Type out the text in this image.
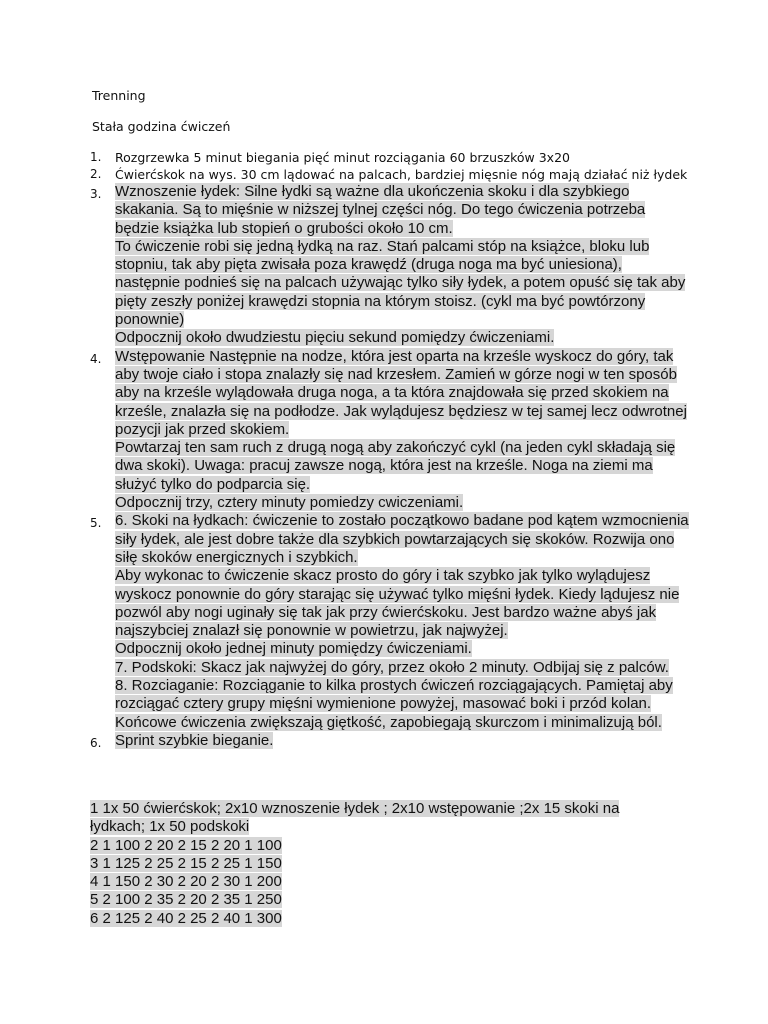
Trenning
Stała godzina ćwiczeń
1. Rozgrzewka 5 minut biegania pięć minut rozciągania 60 brzuszków 3x20
2. Ćwierćskok na wys. 30 cm lądować na palcach, bardziej mięsnie nóg mają działać niż łydek
3. Wznoszenie łydek: Silne łydki są ważne dla ukończenia skoku i dla szybkiego skakania. Są to mięśnie w niższej tylnej części nóg. Do tego ćwiczenia potrzeba będzie książka lub stopień o grubości około 10 cm.
To ćwiczenie robi się jedną łydką na raz. Stań palcami stóp na książce, bloku lub stopniu, tak aby pięta zwisała poza krawędź (druga noga ma być uniesiona), następnie podnieś się na palcach używając tylko siły łydek, a potem opuść się tak aby pięty zeszły poniżej krawędzi stopnia na którym stoisz. (cykl ma być powtórzony ponownie)
Odpocznij około dwudziestu pięciu sekund pomiędzy ćwiczeniami.
4. Wstępowanie Następnie na nodze, która jest oparta na krześle wyskocz do góry, tak aby twoje ciało i stopa znalazły się nad krzesłem. Zamień w górze nogi w ten sposób aby na krześle wylądowała druga noga, a ta która znajdowała się przed skokiem na krześle, znalazła się na podłodze. Jak wylądujesz będziesz w tej samej lecz odwrotnej pozycji jak przed skokiem.
Powtarzaj ten sam ruch z drugą nogą aby zakończyć cykl (na jeden cykl składają się dwa skoki). Uwaga: pracuj zawsze nogą, która jest na krześle. Noga na ziemi ma służyć tylko do podparcia się.
Odpocznij trzy, cztery minuty pomiedzy cwiczeniami.
5. 6. Skoki na łydkach: ćwiczenie to zostało początkowo badane pod kątem wzmocnienia siły łydek, ale jest dobre także dla szybkich powtarzających się skoków. Rozwija ono siłę skoków energicznych i szybkich.
Aby wykonac to ćwiczenie skacz prosto do góry i tak szybko jak tylko wylądujesz wyskocz ponownie do góry starając się używać tylko mięśni łydek. Kiedy lądujesz nie pozwól aby nogi uginały się tak jak przy ćwierćskoku. Jest bardzo ważne abyś jak najszybciej znalazł się ponownie w powietrzu, jak najwyżej.
Odpocznij około jednej minuty pomiędzy ćwiczeniami.
7. Podskoki: Skacz jak najwyżej do góry, przez około 2 minuty. Odbijaj się z palców.
8. Rozciaganie: Rozciąganie to kilka prostych ćwiczeń rozciągających. Pamiętaj aby rozciągać cztery grupy mięśni wymienione powyżej, masować boki i przód kolan. Końcowe ćwiczenia zwiększają giętkość, zapobiegają skurczom i minimalizują ból.
6. Sprint szybkie bieganie.
1 1x 50 ćwierćskok; 2x10 wznoszenie łydek ; 2x10 wstępowanie ;2x 15 skoki na łydkach; 1x 50 podskoki
2 1 100 2 20 2 15 2 20 1 100
3 1 125 2 25 2 15 2 25 1 150
4 1 150 2 30 2 20 2 30 1 200
5 2 100 2 35 2 20 2 35 1 250
6 2 125 2 40 2 25 2 40 1 300
